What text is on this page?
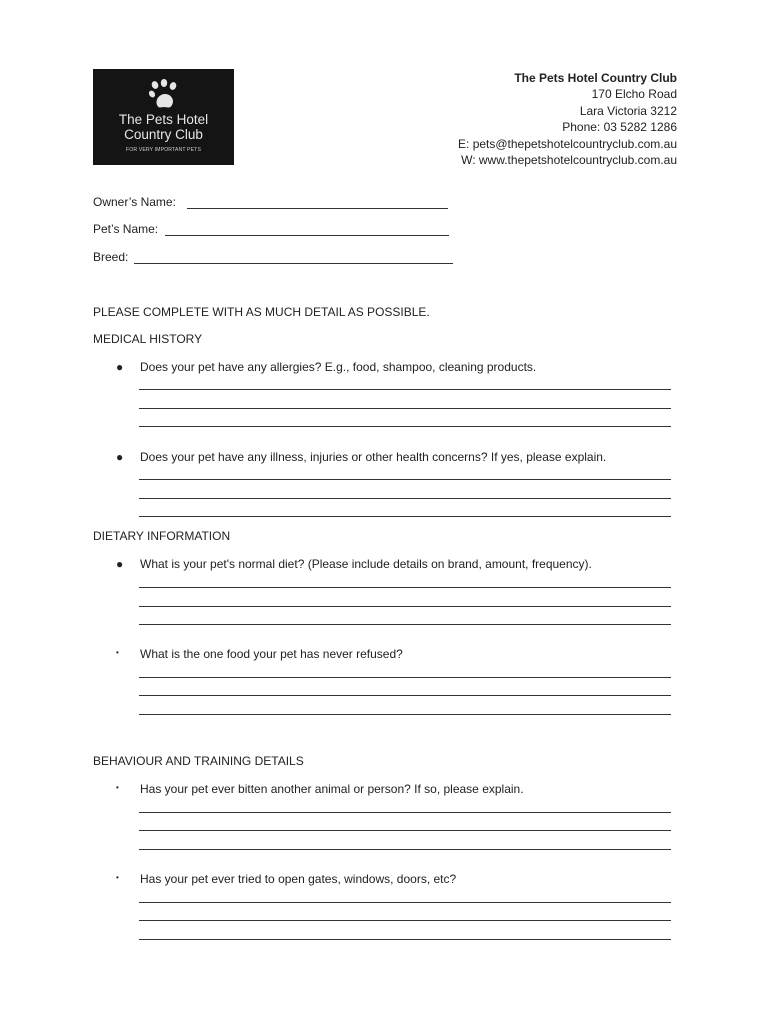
The Pets Hotel
Country Club
FOR VERY IMPORTANT PETS
The Pets Hotel Country Club
170 Elcho Road
Lara Victoria 3212
Phone: 03 5282 1286
E: pets@thepetshotelcountryclub.com.au
W: www.thepetshotelcountryclub.com.au
Owner’s Name:
Pet’s Name:
Breed:
PLEASE COMPLETE WITH AS MUCH DETAIL AS POSSIBLE.
MEDICAL HISTORY
● Does your pet have any allergies? E.g., food, shampoo, cleaning products.
● Does your pet have any illness, injuries or other health concerns? If yes, please explain.
DIETARY INFORMATION
● What is your pet's normal diet? (Please include details on brand, amount, frequency).
• What is the one food your pet has never refused?
BEHAVIOUR AND TRAINING DETAILS
• Has your pet ever bitten another animal or person? If so, please explain.
• Has your pet ever tried to open gates, windows, doors, etc?
